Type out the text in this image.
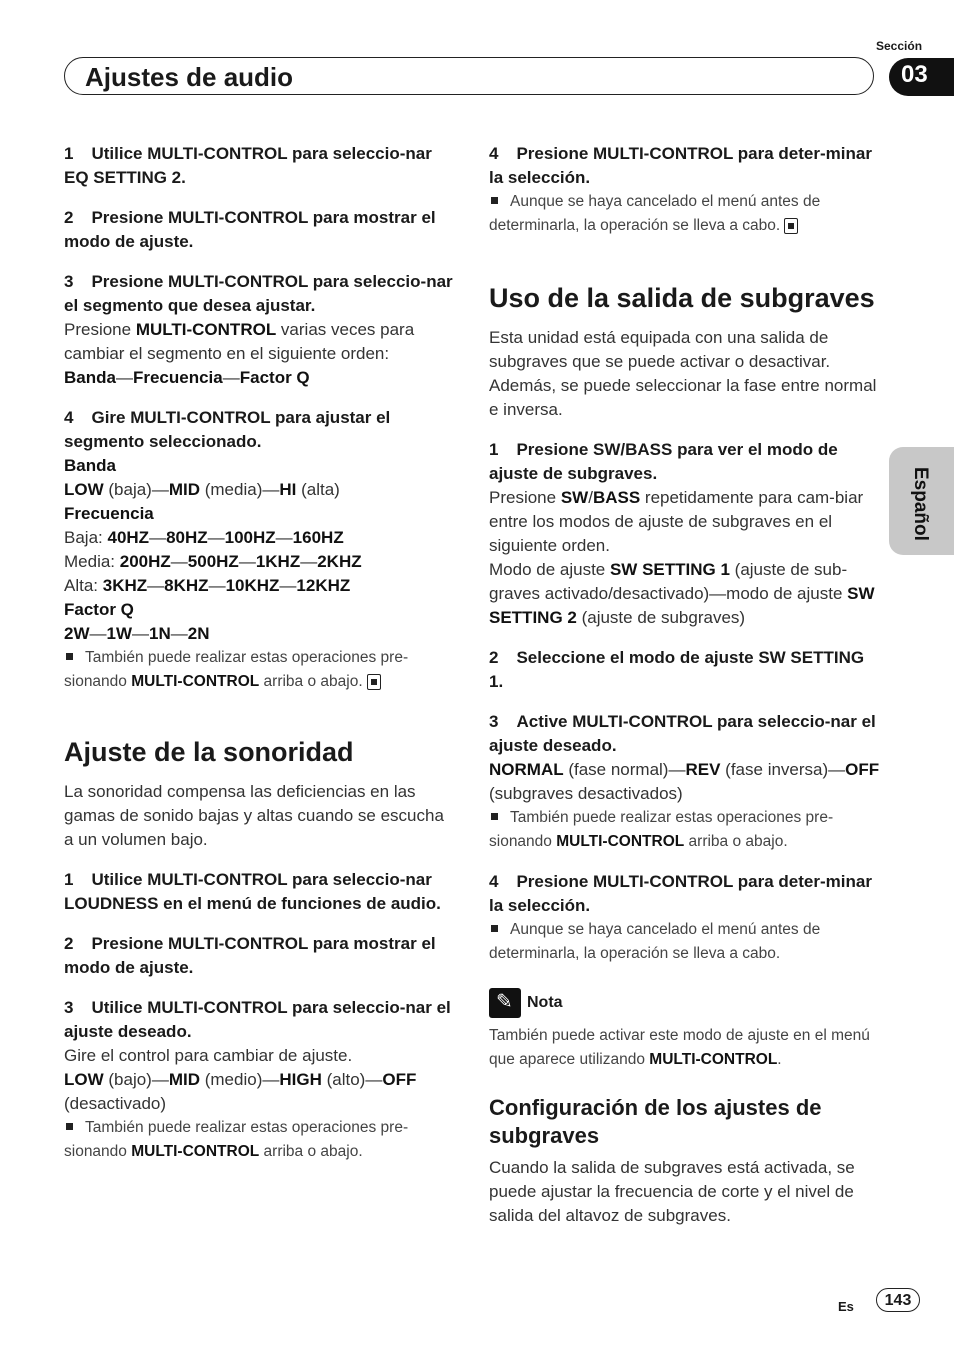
Ajustes de audio
Sección
03
Español

1 Utilice MULTI-CONTROL para seleccio-nar EQ SETTING 2.

2 Presione MULTI-CONTROL para mostrar el modo de ajuste.

3 Presione MULTI-CONTROL para seleccio-nar el segmento que desea ajustar.

Presione MULTI-CONTROL varias veces para cambiar el segmento en el siguiente orden:

Banda—Frecuencia—Factor Q

4 Gire MULTI-CONTROL para ajustar el segmento seleccionado.

Banda

LOW (baja)—MID (media)—HI (alta)

Frecuencia

Baja: 40HZ—80HZ—100HZ—160HZ

Media: 200HZ—500HZ—1KHZ—2KHZ

Alta: 3KHZ—8KHZ—10KHZ—12KHZ

Factor Q

2W—1W—1N—2N

También puede realizar estas operaciones pre-sionando MULTI-CONTROL arriba o abajo.

Ajuste de la sonoridad

La sonoridad compensa las deficiencias en las gamas de sonido bajas y altas cuando se escucha a un volumen bajo.

1 Utilice MULTI-CONTROL para seleccio-nar LOUDNESS en el menú de funciones de audio.

2 Presione MULTI-CONTROL para mostrar el modo de ajuste.

3 Utilice MULTI-CONTROL para seleccio-nar el ajuste deseado.

Gire el control para cambiar de ajuste.

LOW (bajo)—MID (medio)—HIGH (alto)—OFF (desactivado)

También puede realizar estas operaciones pre-sionando MULTI-CONTROL arriba o abajo.

4 Presione MULTI-CONTROL para deter-minar la selección.

Aunque se haya cancelado el menú antes de determinarla, la operación se lleva a cabo.

Uso de la salida de subgraves

Esta unidad está equipada con una salida de subgraves que se puede activar o desactivar. Además, se puede seleccionar la fase entre normal e inversa.

1 Presione SW/BASS para ver el modo de ajuste de subgraves.

Presione SW/BASS repetidamente para cam-biar entre los modos de ajuste de subgraves en el siguiente orden.

Modo de ajuste SW SETTING 1 (ajuste de sub-graves activado/desactivado)—modo de ajuste SW SETTING 2 (ajuste de subgraves)

2 Seleccione el modo de ajuste SW SETTING 1.

3 Active MULTI-CONTROL para seleccio-nar el ajuste deseado.

NORMAL (fase normal)—REV (fase inversa)—OFF (subgraves desactivados)

También puede realizar estas operaciones pre-sionando MULTI-CONTROL arriba o abajo.

4 Presione MULTI-CONTROL para deter-minar la selección.

Aunque se haya cancelado el menú antes de determinarla, la operación se lleva a cabo.

✎
Nota

También puede activar este modo de ajuste en el menú que aparece utilizando MULTI-CONTROL.

Configuración de los ajustes de subgraves

Cuando la salida de subgraves está activada, se puede ajustar la frecuencia de corte y el nivel de salida del altavoz de subgraves.

Es	143
